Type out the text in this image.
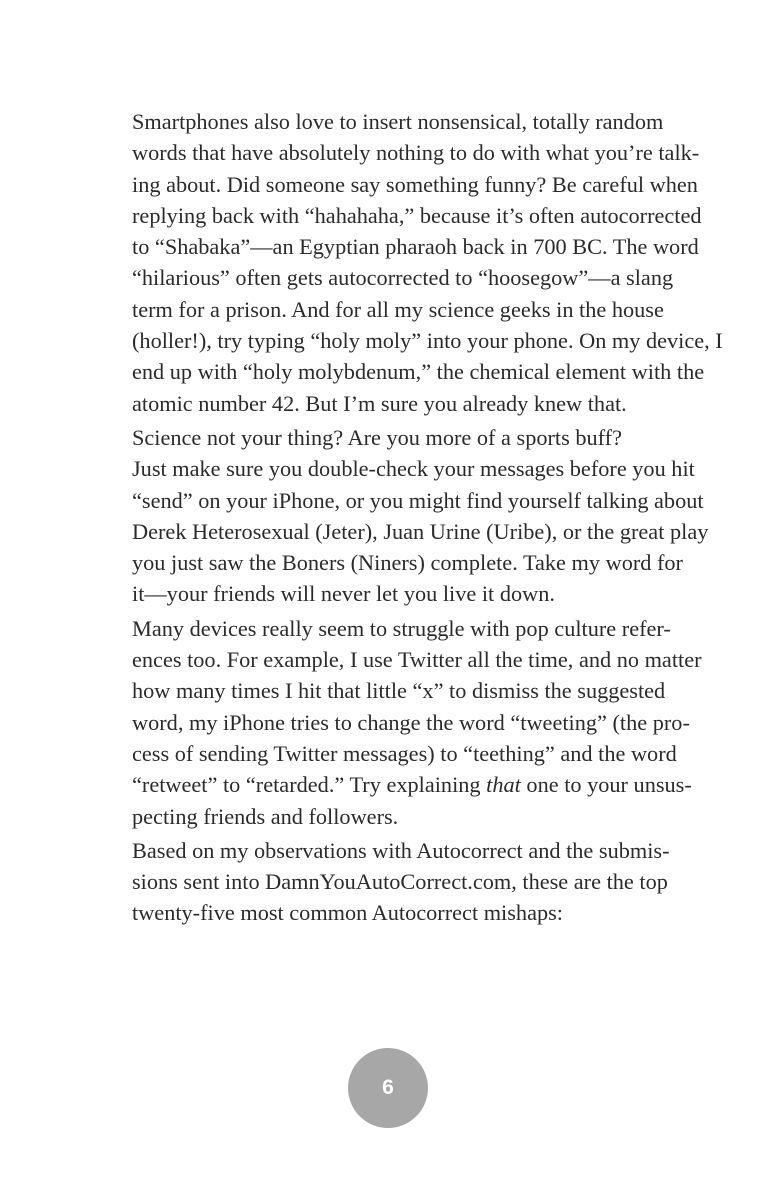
Smartphones also love to insert nonsensical, totally random
words that have absolutely nothing to do with what you’re talk-
ing about. Did someone say something funny? Be careful when
replying back with “hahahaha,” because it’s often autocorrected
to “Shabaka”—an Egyptian pharaoh back in 700 BC. The word
“hilarious” often gets autocorrected to “hoosegow”—a slang
term for a prison. And for all my science geeks in the house
(holler!), try typing “holy moly” into your phone. On my device, I
end up with “holy molybdenum,” the chemical element with the
atomic number 42. But I’m sure you already knew that.

Science not your thing? Are you more of a sports buff?
Just make sure you double-check your messages before you hit
“send” on your iPhone, or you might find yourself talking about
Derek Heterosexual (Jeter), Juan Urine (Uribe), or the great play
you just saw the Boners (Niners) complete. Take my word for
it—your friends will never let you live it down.

Many devices really seem to struggle with pop culture refer-
ences too. For example, I use Twitter all the time, and no matter
how many times I hit that little “x” to dismiss the suggested
word, my iPhone tries to change the word “tweeting” (the pro-
cess of sending Twitter messages) to “teething” and the word
“retweet” to “retarded.” Try explaining that one to your unsus-
pecting friends and followers.

Based on my observations with Autocorrect and the submis-
sions sent into DamnYouAutoCorrect.com, these are the top
twenty-five most common Autocorrect mishaps:

6
